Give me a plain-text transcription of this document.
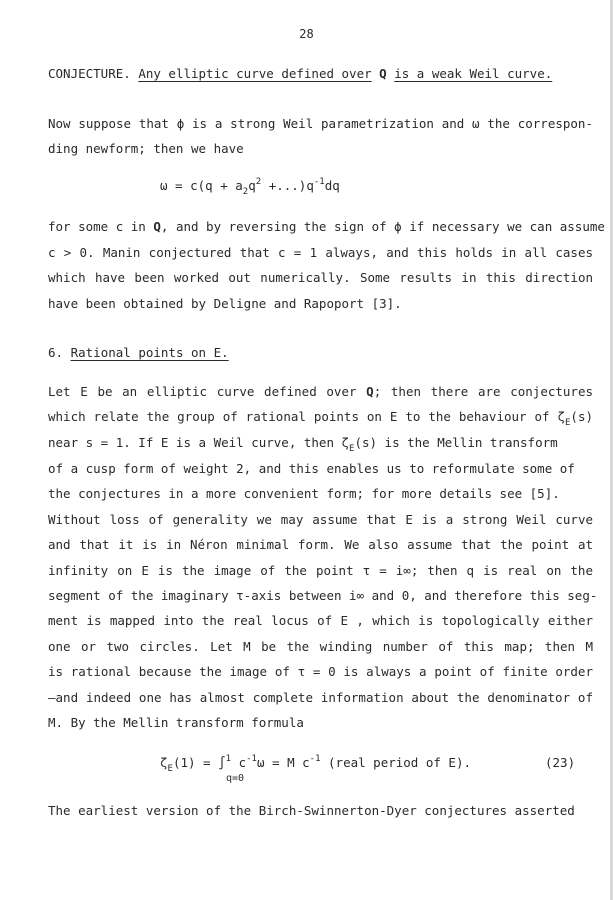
28
CONJECTURE. Any elliptic curve defined over Q is a weak Weil curve.
Now suppose that ϕ is a strong Weil parametrization and ω the correspon-
ding newform; then we have
$\omega = c(q + a_2q^2 +...)q^{-1}dq$
for some c in Q, and by reversing the sign of ϕ if necessary we can assume
c > 0. Manin conjectured that c = 1 always, and this holds in all cases
which have been worked out numerically. Some results in this direction
have been obtained by Deligne and Rapoport [3].
6. Rational points on E.
Let E be an elliptic curve defined over Q; then there are conjectures
which relate the group of rational points on E to the behaviour of $\zeta_E(s)$
near s = 1. If E is a Weil curve, then $\zeta_E(s)$ is the Mellin transform
of a cusp form of weight 2, and this enables us to reformulate some of
the conjectures in a more convenient form; for more details see [5].
Without loss of generality we may assume that E is a strong Weil curve
and that it is in Néron minimal form. We also assume that the point at
infinity on E is the image of the point τ = i∞; then q is real on the
segment of the imaginary τ-axis between i∞ and 0, and therefore this seg-
ment is mapped into the real locus of E , which is topologically either
one or two circles. Let M be the winding number of this map; then M
is rational because the image of τ = 0 is always a point of finite order
—and indeed one has almost complete information about the denominator of
M. By the Mellin transform formula
$\zeta_E(1) = \int^1$ $c^{-1}\omega = M$ $c^{-1}$ (real period of E).
q=0
(23)
The earliest version of the Birch-Swinnerton-Dyer conjectures asserted
